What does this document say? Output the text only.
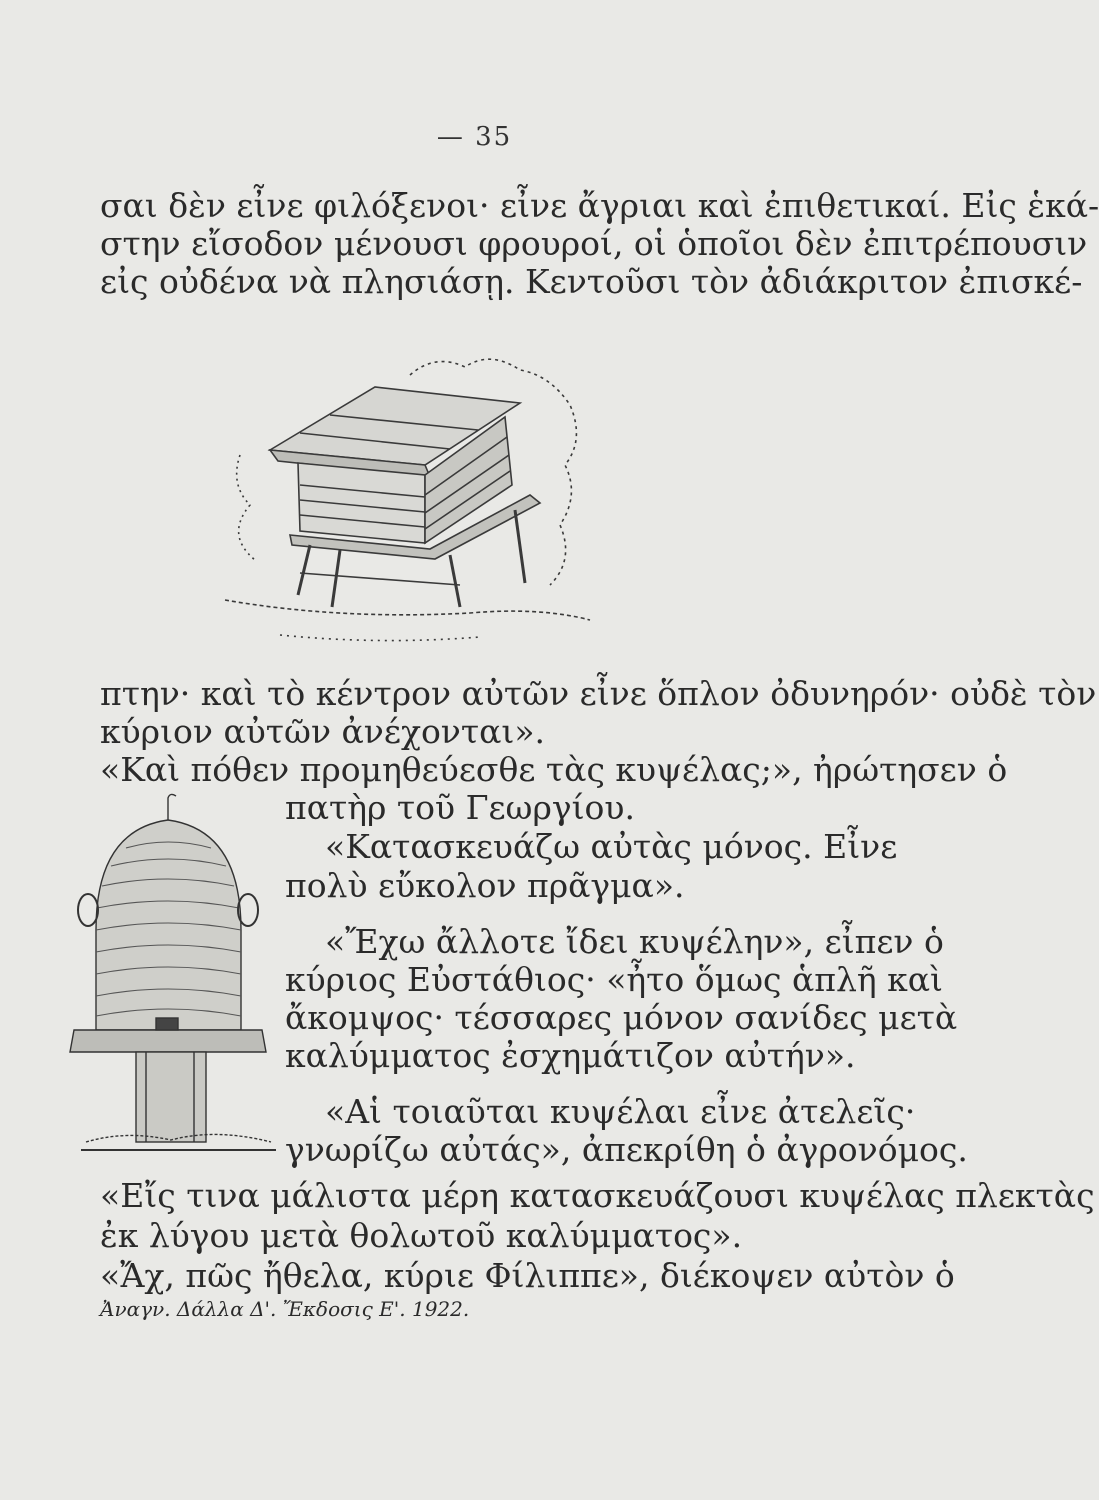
— 35
σαι δὲν εἶνε φιλόξενοι· εἶνε ἄγριαι καὶ ἐπιθετικαί. Εἰς ἑκά-
στην εἴσοδον μένουσι φρουροί, οἱ ὁποῖοι δὲν ἐπιτρέπουσιν
εἰς οὐδένα νὰ πλησιάσῃ. Κεντοῦσι τὸν ἀδιάκριτον ἐπισκέ-
πτην· καὶ τὸ κέντρον αὐτῶν εἶνε ὅπλον ὀδυνηρόν· οὐδὲ τὸν
κύριον αὐτῶν ἀνέχονται».
«Καὶ πόθεν προμηθεύεσθε τὰς κυψέλας;», ἠρώτησεν ὁ
πατὴρ τοῦ Γεωργίου.
«Κατασκευάζω αὐτὰς μόνος. Εἶνε
πολὺ εὔκολον πρᾶγμα».
«Ἔχω ἄλλοτε ἴδει κυψέλην», εἶπεν ὁ
κύριος Εὐστάθιος· «ἦτο ὅμως ἁπλῆ καὶ
ἄκομψος· τέσσαρες μόνον σανίδες μετὰ
καλύμματος ἐσχημάτιζον αὐτήν».
«Αἱ τοιαῦται κυψέλαι εἶνε ἀτελεῖς·
γνωρίζω αὐτάς», ἀπεκρίθη ὁ ἀγρονόμος.
«Εἴς τινα μάλιστα μέρη κατασκευάζουσι κυψέλας πλεκτὰς
ἐκ λύγου μετὰ θολωτοῦ καλύμματος».
«Ἄχ, πῶς ἤθελα, κύριε Φίλιππε», διέκοψεν αὐτὸν ὁ
Ἀναγν. Δάλλα Δ'. Ἔκδοσις Ε'. 1922.
